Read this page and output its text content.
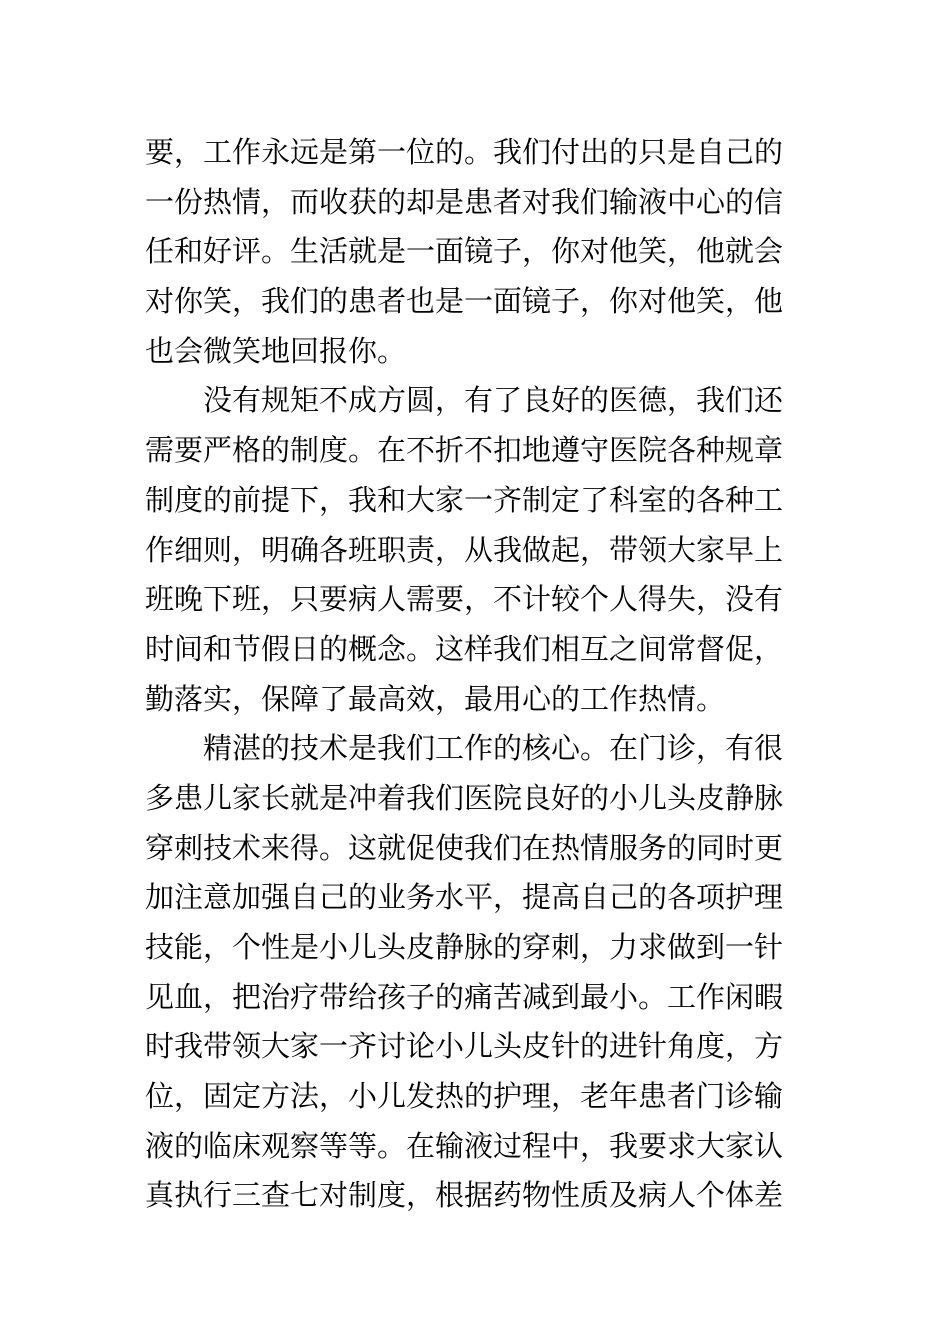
要，工作永远是第一位的。我们付出的只是自己的
一份热情，而收获的却是患者对我们输液中心的信
任和好评。生活就是一面镜子，你对他笑，他就会
对你笑，我们的患者也是一面镜子，你对他笑，他
也会微笑地回报你。
没有规矩不成方圆，有了良好的医德，我们还
需要严格的制度。在不折不扣地遵守医院各种规章
制度的前提下，我和大家一齐制定了科室的各种工
作细则，明确各班职责，从我做起，带领大家早上
班晚下班，只要病人需要，不计较个人得失，没有
时间和节假日的概念。这样我们相互之间常督促，
勤落实，保障了最高效，最用心的工作热情。
精湛的技术是我们工作的核心。在门诊，有很
多患儿家长就是冲着我们医院良好的小儿头皮静脉
穿刺技术来得。这就促使我们在热情服务的同时更
加注意加强自己的业务水平，提高自己的各项护理
技能，个性是小儿头皮静脉的穿刺，力求做到一针
见血，把治疗带给孩子的痛苦减到最小。工作闲暇
时我带领大家一齐讨论小儿头皮针的进针角度，方
位，固定方法，小儿发热的护理，老年患者门诊输
液的临床观察等等。在输液过程中，我要求大家认
真执行三查七对制度，根据药物性质及病人个体差
